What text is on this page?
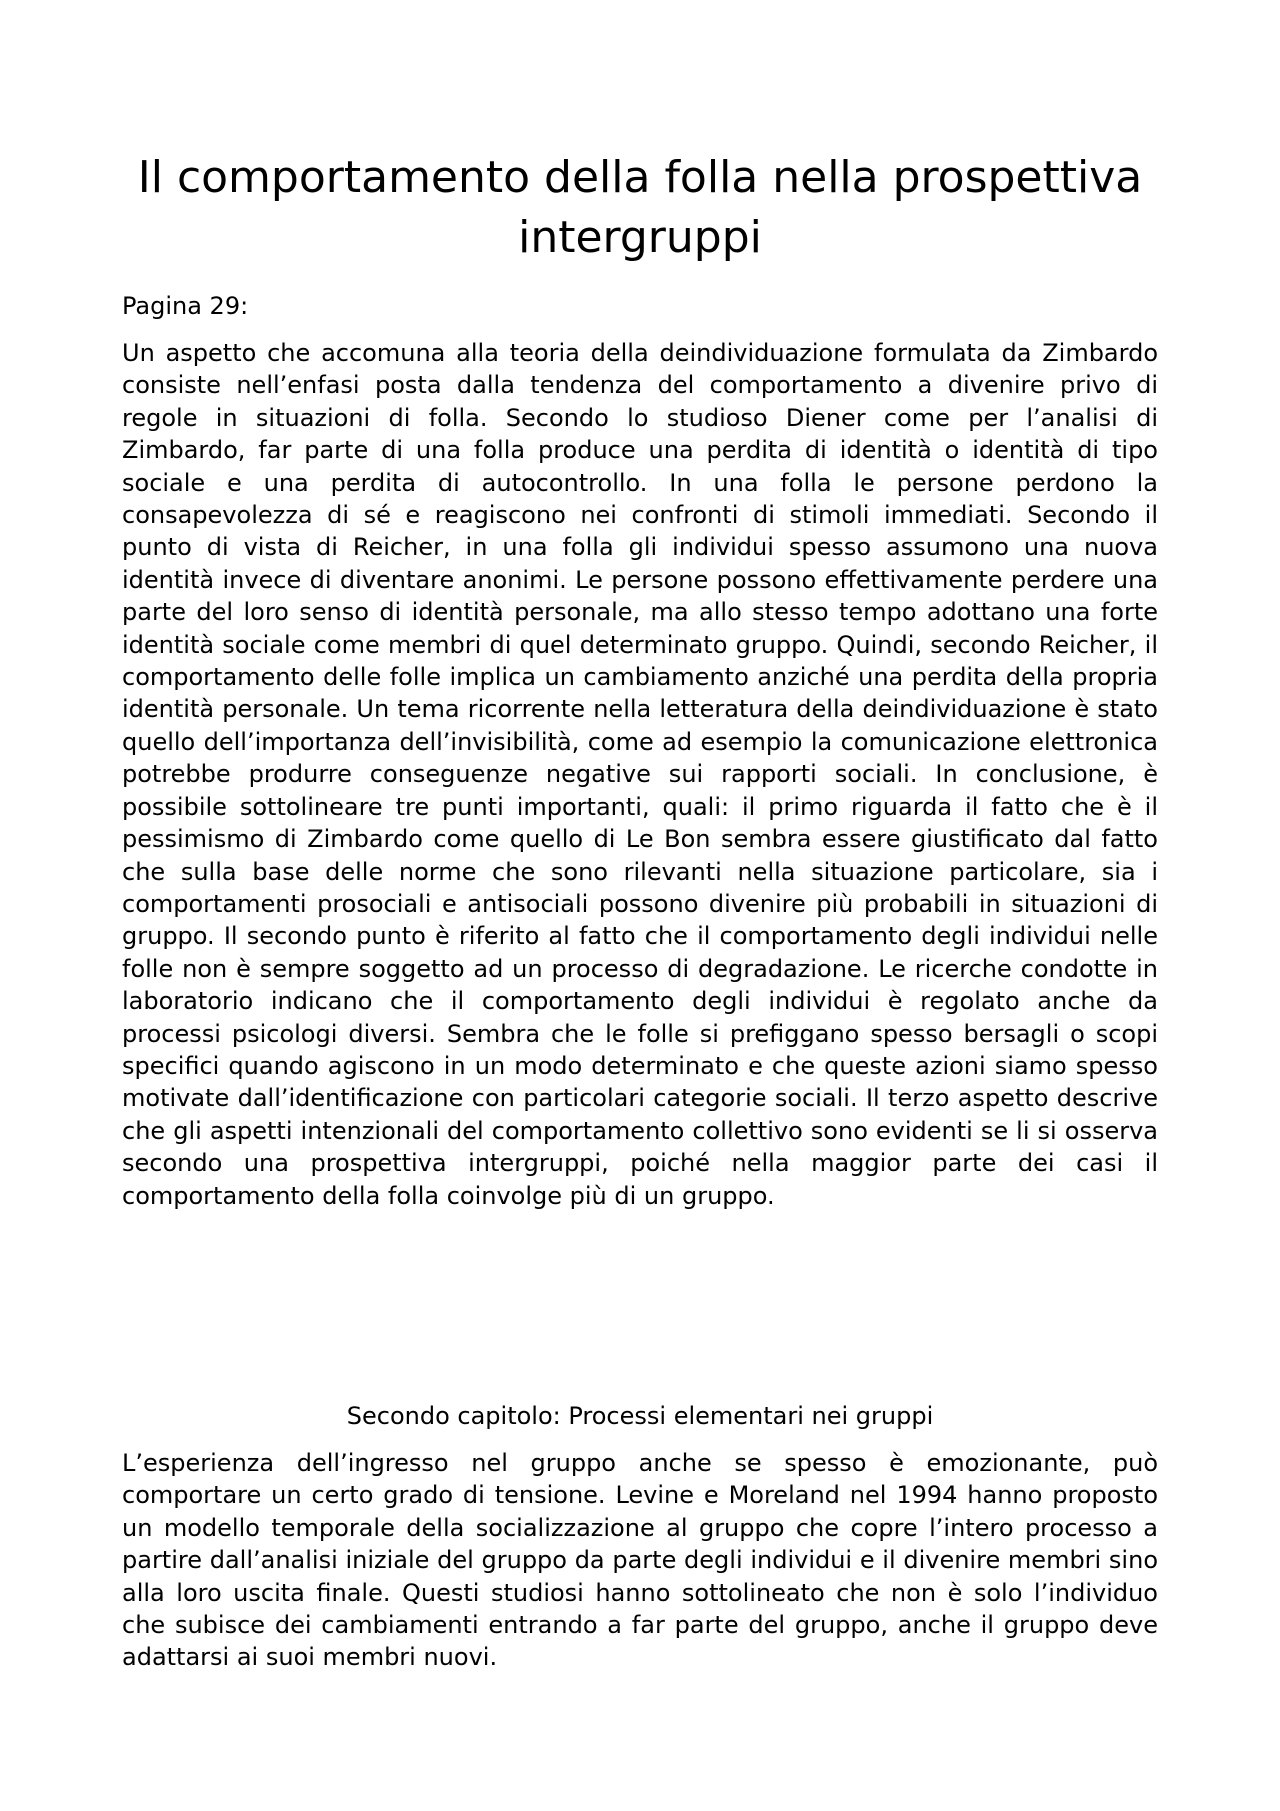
Il comportamento della folla nella prospettiva intergruppi

Pagina 29:

Un aspetto che accomuna alla teoria della deindividuazione formulata da Zimbardo consiste nell’enfasi posta dalla tendenza del comportamento a divenire privo di regole in situazioni di folla. Secondo lo studioso Diener come per l’analisi di Zimbardo, far parte di una folla produce una perdita di identità o identità di tipo sociale e una perdita di autocontrollo. In una folla le persone perdono la consapevolezza di sé e reagiscono nei confronti di stimoli immediati. Secondo il punto di vista di Reicher, in una folla gli individui spesso assumono una nuova identità invece di diventare anonimi. Le persone possono effettivamente perdere una parte del loro senso di identità personale, ma allo stesso tempo adottano una forte identità sociale come membri di quel determinato gruppo. Quindi, secondo Reicher, il comportamento delle folle implica un cambiamento anziché una perdita della propria identità personale. Un tema ricorrente nella letteratura della deindividuazione è stato quello dell’importanza dell’invisibilità, come ad esempio la comunicazione elettronica potrebbe produrre conseguenze negative sui rapporti sociali. In conclusione, è possibile sottolineare tre punti importanti, quali: il primo riguarda il fatto che è il pessimismo di Zimbardo come quello di Le Bon sembra essere giustificato dal fatto che sulla base delle norme che sono rilevanti nella situazione particolare, sia i comportamenti prosociali e antisociali possono divenire più probabili in situazioni di gruppo. Il secondo punto è riferito al fatto che il comportamento degli individui nelle folle non è sempre soggetto ad un processo di degradazione. Le ricerche condotte in laboratorio indicano che il comportamento degli individui è regolato anche da processi psicologi diversi. Sembra che le folle si prefiggano spesso bersagli o scopi specifici quando agiscono in un modo determinato e che queste azioni siamo spesso motivate dall’identificazione con particolari categorie sociali. Il terzo aspetto descrive che gli aspetti intenzionali del comportamento collettivo sono evidenti se li si osserva secondo una prospettiva intergruppi, poiché nella maggior parte dei casi il comportamento della folla coinvolge più di un gruppo.

Secondo capitolo: Processi elementari nei gruppi

L’esperienza dell’ingresso nel gruppo anche se spesso è emozionante, può comportare un certo grado di tensione. Levine e Moreland nel 1994 hanno proposto un modello temporale della socializzazione al gruppo che copre l’intero processo a partire dall’analisi iniziale del gruppo da parte degli individui e il divenire membri sino alla loro uscita finale. Questi studiosi hanno sottolineato che non è solo l’individuo che subisce dei cambiamenti entrando a far parte del gruppo, anche il gruppo deve adattarsi ai suoi membri nuovi.
